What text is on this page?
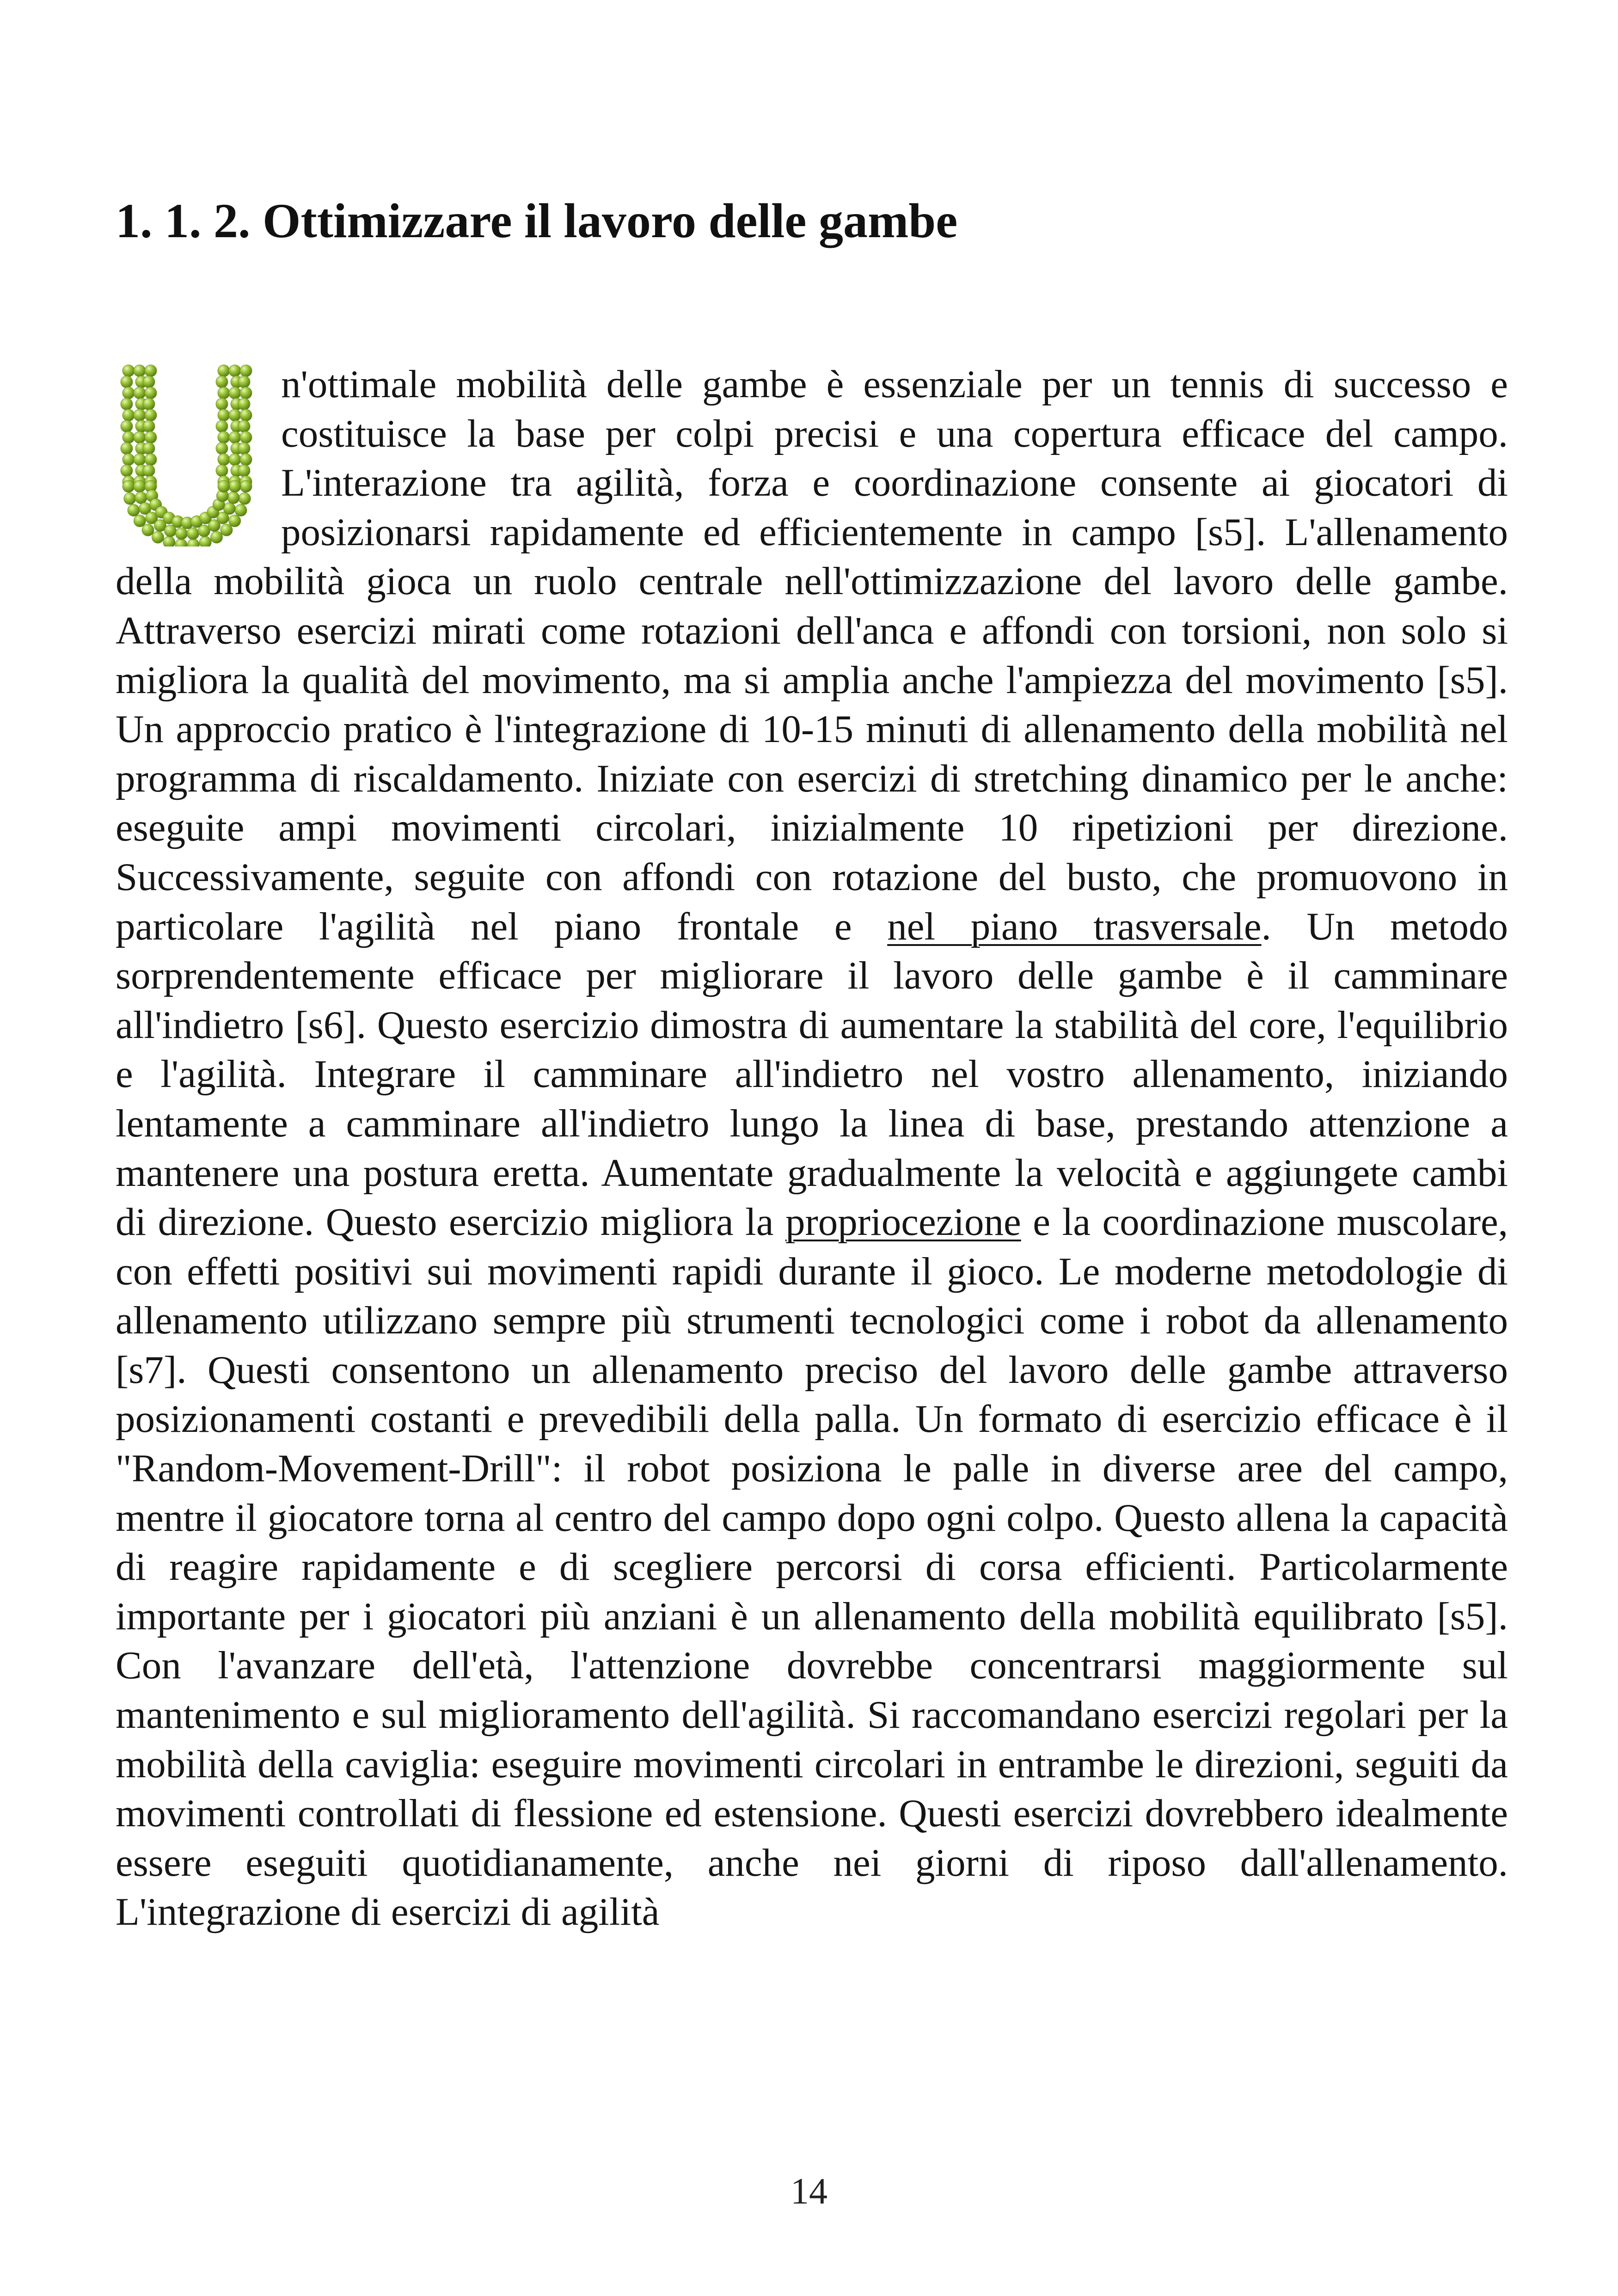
1. 1. 2. Ottimizzare il lavoro delle gambe

n'ottimale mobilità delle gambe è essenziale per un tennis di successo e costituisce la base per colpi precisi e una copertura efficace del campo. L'interazione tra agilità, forza e coordinazione consente ai giocatori di posizionarsi rapidamente ed efficientemente in campo [s5]. L'allenamento della mobilità gioca un ruolo centrale nell'ottimizzazione del lavoro delle gambe. Attraverso esercizi mirati come rotazioni dell'anca e affondi con torsioni, non solo si migliora la qualità del movimento, ma si amplia anche l'ampiezza del movimento [s5]. Un approccio pratico è l'integrazione di 10-15 minuti di allenamento della mobilità nel programma di riscaldamento. Iniziate con esercizi di stretching dinamico per le anche: eseguite ampi movimenti circolari, inizialmente 10 ripetizioni per direzione. Successivamente, seguite con affondi con rotazione del busto, che promuovono in particolare l'agilità nel piano frontale e nel piano trasversale. Un metodo sorprendentemente efficace per migliorare il lavoro delle gambe è il camminare all'indietro [s6]. Questo esercizio dimostra di aumentare la stabilità del core, l'equilibrio e l'agilità. Integrare il camminare all'indietro nel vostro allenamento, iniziando lentamente a camminare all'indietro lungo la linea di base, prestando attenzione a mantenere una postura eretta. Aumentate gradualmente la velocità e aggiungete cambi di direzione. Questo esercizio migliora la propriocezione e la coordinazione muscolare, con effetti positivi sui movimenti rapidi durante il gioco. Le moderne metodologie di allenamento utilizzano sempre più strumenti tecnologici come i robot da allenamento [s7]. Questi consentono un allenamento preciso del lavoro delle gambe attraverso posizionamenti costanti e prevedibili della palla. Un formato di esercizio efficace è il "Random-Movement-Drill": il robot posiziona le palle in diverse aree del campo, mentre il giocatore torna al centro del campo dopo ogni colpo. Questo allena la capacità di reagire rapidamente e di scegliere percorsi di corsa efficienti. Particolarmente importante per i giocatori più anziani è un allenamento della mobilità equilibrato [s5]. Con l'avanzare dell'età, l'attenzione dovrebbe concentrarsi maggiormente sul mantenimento e sul miglioramento dell'agilità. Si raccomandano esercizi regolari per la mobilità della caviglia: eseguire movimenti circolari in entrambe le direzioni, seguiti da movimenti controllati di flessione ed estensione. Questi esercizi dovrebbero idealmente essere eseguiti quotidianamente, anche nei giorni di riposo dall'allenamento. L'integrazione di esercizi di agilità

14
